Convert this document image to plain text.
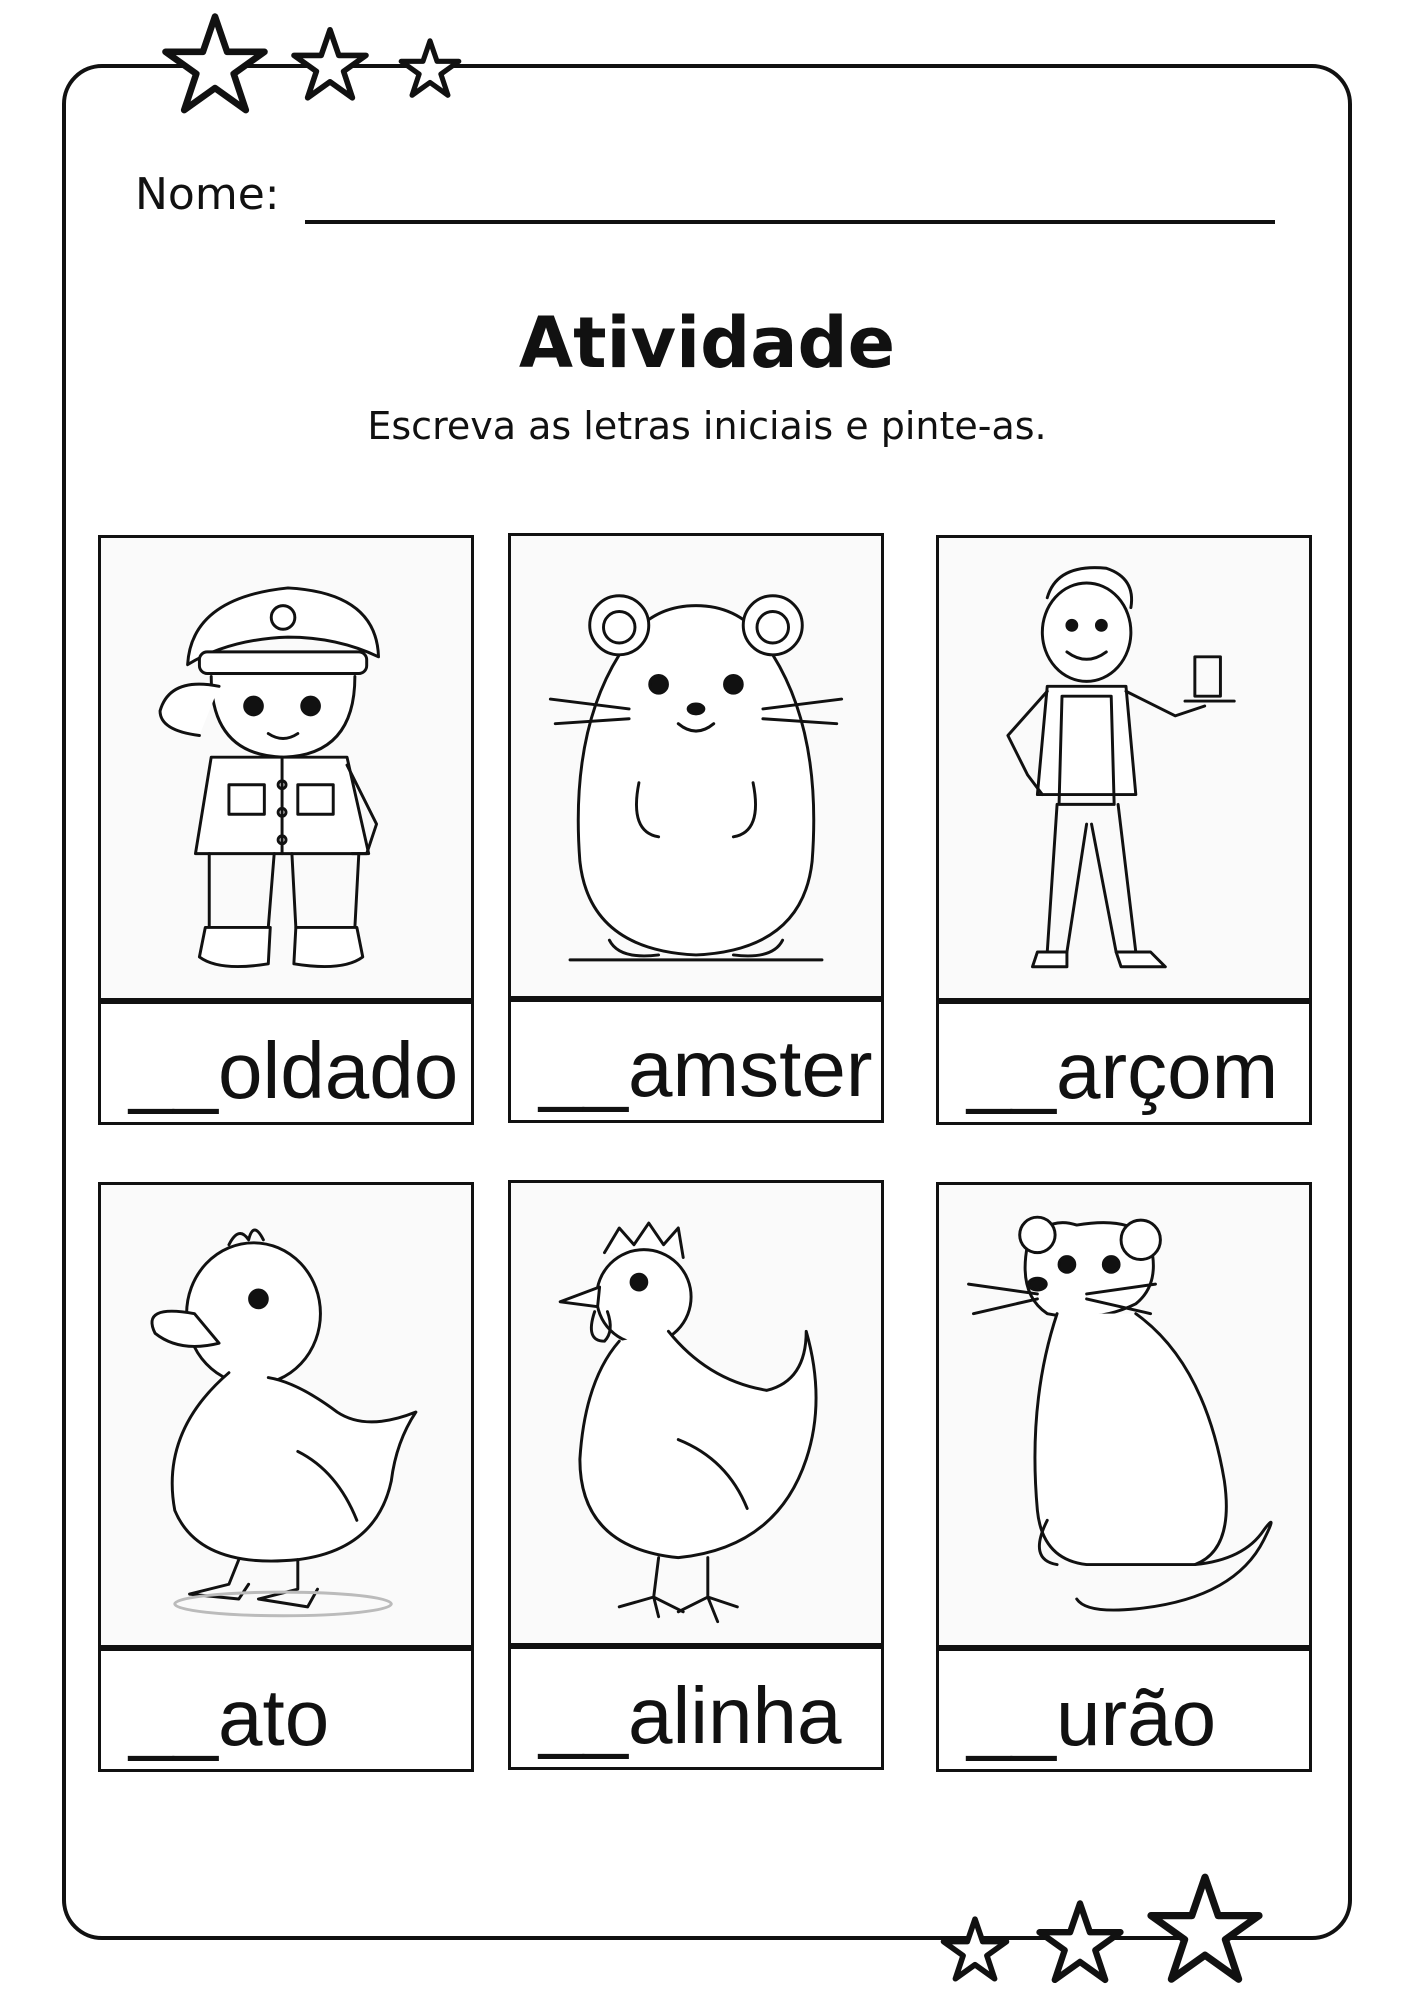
Nome:
Atividade
Escreva as letras iniciais e pinte-as.
__oldado __amster __arçom
__ato	__alinha __urão
